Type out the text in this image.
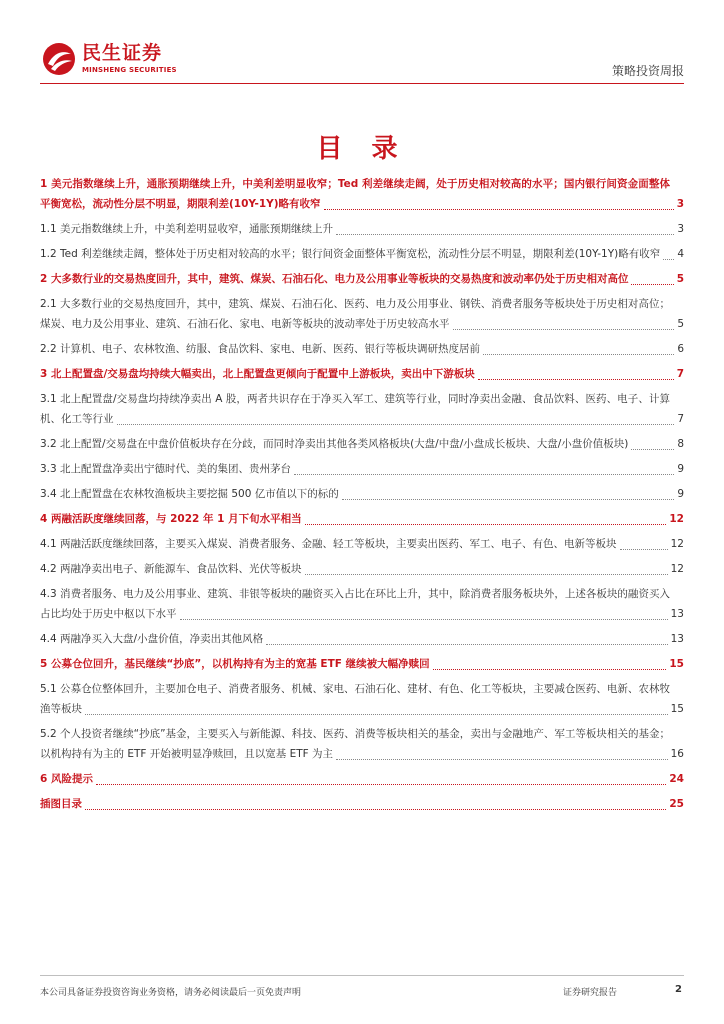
民生证券
MINSHENG SECURITIES	策略投资周报
目 录
1 美元指数继续上升，通胀预期继续上升，中美利差明显收窄；Ted 利差继续走阔，处于历史相对较高的水平；国内银行间资金面整体平衡宽松，流动性分层不明显，期限利差(10Y-1Y)略有收窄	3
1.1 美元指数继续上升，中美利差明显收窄，通胀预期继续上升	3
1.2 Ted 利差继续走阔，整体处于历史相对较高的水平；银行间资金面整体平衡宽松，流动性分层不明显，期限利差(10Y-1Y)略有收窄 4
2 大多数行业的交易热度回升，其中，建筑、煤炭、石油石化、电力及公用事业等板块的交易热度和波动率仍处于历史相对高位	5
2.1 大多数行业的交易热度回升，其中，建筑、煤炭、石油石化、医药、电力及公用事业、钢铁、消费者服务等板块处于历史相对高位；煤炭、电力及公用事业、建筑、石油石化、家电、电新等板块的波动率处于历史较高水平	5
2.2 计算机、电子、农林牧渔、纺服、食品饮料、家电、电新、医药、银行等板块调研热度居前	6
3 北上配置盘/交易盘均持续大幅卖出，北上配置盘更倾向于配置中上游板块，卖出中下游板块	7
3.1 北上配置盘/交易盘均持续净卖出 A 股，两者共识存在于净买入军工、建筑等行业，同时净卖出金融、食品饮料、医药、电子、计算机、化工等行业	7
3.2 北上配置/交易盘在中盘价值板块存在分歧，而同时净卖出其他各类风格板块(大盘/中盘/小盘成长板块、大盘/小盘价值板块)	8
3.3 北上配置盘净卖出宁德时代、美的集团、贵州茅台	9
3.4 北上配置盘在农林牧渔板块主要挖掘 500 亿市值以下的标的	9
4 两融活跃度继续回落，与 2022 年 1 月下旬水平相当	12
4.1 两融活跃度继续回落，主要买入煤炭、消费者服务、金融、轻工等板块，主要卖出医药、军工、电子、有色、电新等板块	12
4.2 两融净卖出电子、新能源车、食品饮料、光伏等板块	12
4.3 消费者服务、电力及公用事业、建筑、非银等板块的融资买入占比在环比上升，其中，除消费者服务板块外，上述各板块的融资买入占比均处于历史中枢以下水平	13
4.4 两融净买入大盘/小盘价值，净卖出其他风格	13
5 公募仓位回升，基民继续“抄底”，以机构持有为主的宽基 ETF 继续被大幅净赎回	15
5.1 公募仓位整体回升，主要加仓电子、消费者服务、机械、家电、石油石化、建材、有色、化工等板块，主要减仓医药、电新、农林牧渔等板块	15
5.2 个人投资者继续“抄底”基金，主要买入与新能源、科技、医药、消费等板块相关的基金，卖出与金融地产、军工等板块相关的基金；以机构持有为主的 ETF 开始被明显净赎回，且以宽基 ETF 为主	16
6 风险提示	24
插图目录	25
本公司具备证券投资咨询业务资格，请务必阅读最后一页免责声明	证券研究报告	2
